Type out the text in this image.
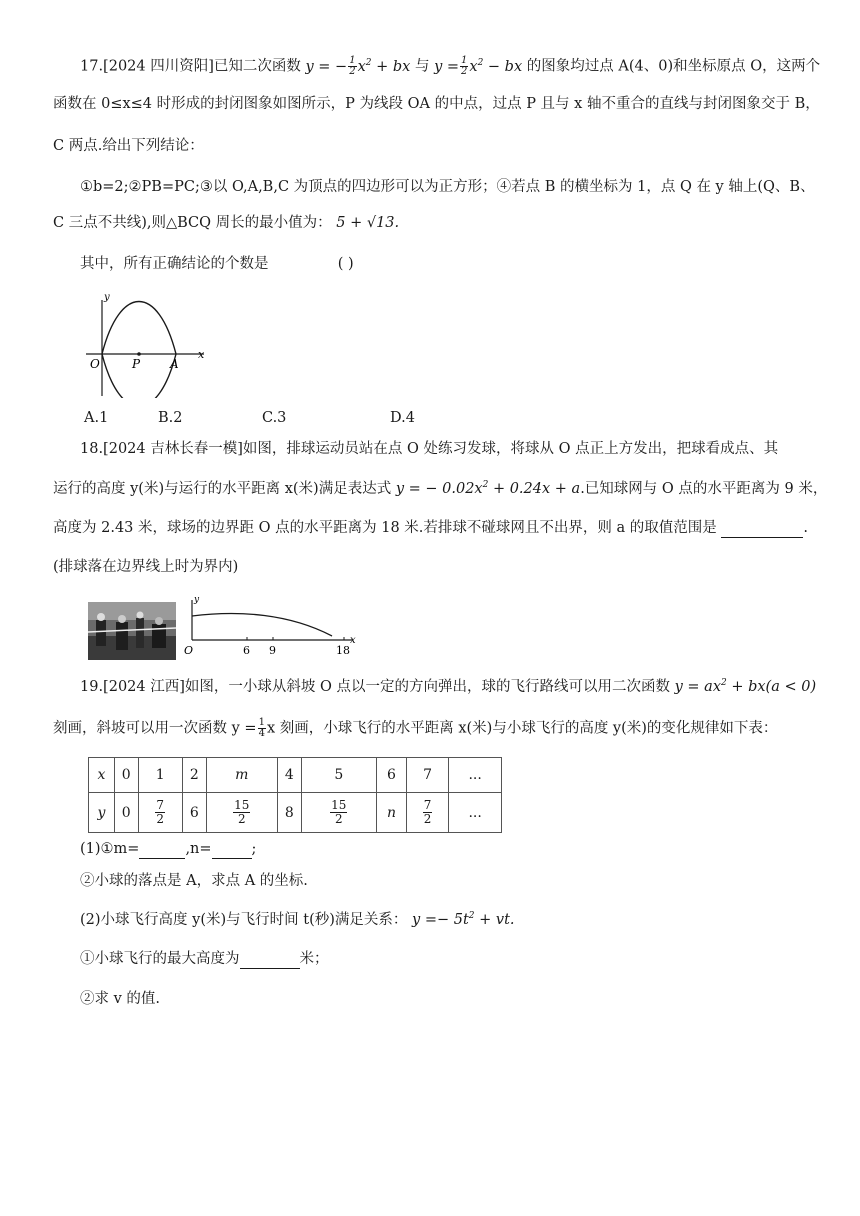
17.[2024 四川资阳]已知二次函数 y = − $\frac{1}{2} x^2$ + bx 与 $y = \frac{1}{2} x^2$ − bx 的图象均过点 A(4、0)和坐标原点 O，这两个
函数在 0≤x≤4 时形成的封闭图象如图所示，P 为线段 OA 的中点，过点 P 且与 x 轴不重合的直线与封闭图象交于 B，
C 两点.给出下列结论：
①b=2;②PB=PC;③以 O,A,B,C 为顶点的四边形可以为正方形；④若点 B 的横坐标为 1，点 Q 在 y 轴上(Q、B、
C 三点不共线),则△BCQ 周长的最小值为： 5 + √13.
其中，所有正确结论的个数是	( )
y
O	P A
x
A.1	B.2	C.3	D.4
18.[2024 吉林长春一模]如图，排球运动员站在点 O 处练习发球，将球从 O 点正上方发出，把球看成点、其
运行的高度 y(米)与运行的水平距离 x(米)满足表达式 y = − $0.02x^2 + 0.24x + a$.已知球网与 O 点的水平距离为 9 米，
高度为 2.43 米，球场的边界距 O 点的水平距离为 18 米.若排球不碰球网且不出界，则 a 的取值范围是	.
(排球落在边界线上时为界内)
y
O	6 9	18
x
19.[2024 江西]如图，一小球从斜坡 O 点以一定的方向弹出，球的飞行路线可以用二次函数 $y = ax^2 + bx(a < 0)$
刻画，斜坡可以用一次函数 $y = \frac{1}{4}$ x 刻画，小球飞行的水平距离 x(米)与小球飞行的高度 y(米)的变化规律如下表：
x	0	1	2	m	4	5	6	7	...
y	0	$\frac{7}{2}$	6	$\frac{15}{2}$	8	$\frac{15}{2}$	n	$\frac{7}{2}$	...
(1)①m=	,n=	;
②小球的落点是 A，求点 A 的坐标.
(2)小球飞行高度 y(米)与飞行时间 t(秒)满足关系： $y =- 5t^2$ + vt.
①小球飞行的最大高度为	米；
②求 v 的值.
